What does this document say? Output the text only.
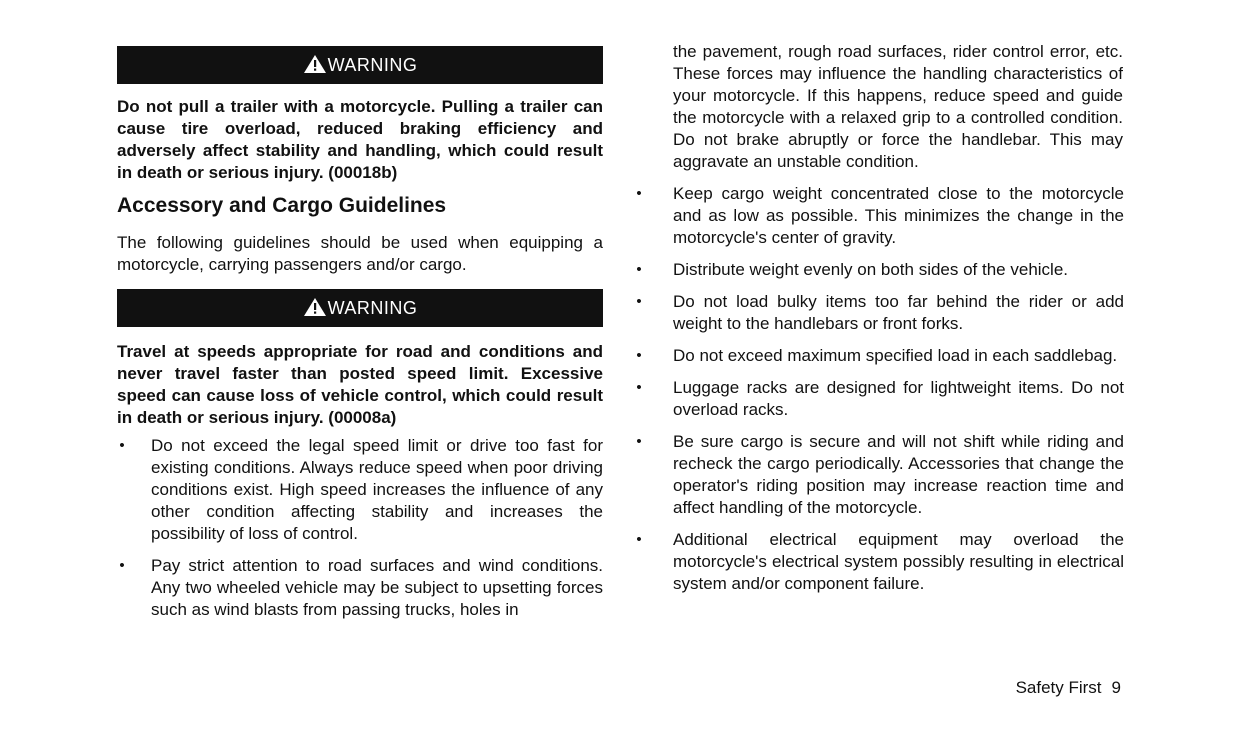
WARNING
Do not pull a trailer with a motorcycle. Pulling a trailer can cause tire overload, reduced braking efficiency and adversely affect stability and handling, which could result in death or serious injury. (00018b)
Accessory and Cargo Guidelines
The following guidelines should be used when equipping a motorcycle, carrying passengers and/or cargo.
WARNING
Travel at speeds appropriate for road and conditions and never travel faster than posted speed limit. Excessive speed can cause loss of vehicle control, which could result in death or serious injury. (00008a)
• Do not exceed the legal speed limit or drive too fast for existing conditions. Always reduce speed when poor driving conditions exist. High speed increases the influence of any other condition affecting stability and increases the possibility of loss of control.
• Pay strict attention to road surfaces and wind conditions. Any two wheeled vehicle may be subject to upsetting forces such as wind blasts from passing trucks, holes in
the pavement, rough road surfaces, rider control error, etc. These forces may influence the handling characteristics of your motorcycle. If this happens, reduce speed and guide the motorcycle with a relaxed grip to a controlled condition. Do not brake abruptly or force the handlebar. This may aggravate an unstable condition.
• Keep cargo weight concentrated close to the motorcycle and as low as possible. This minimizes the change in the motorcycle's center of gravity.
• Distribute weight evenly on both sides of the vehicle.
• Do not load bulky items too far behind the rider or add weight to the handlebars or front forks.
• Do not exceed maximum specified load in each saddlebag.
• Luggage racks are designed for lightweight items. Do not overload racks.
• Be sure cargo is secure and will not shift while riding and recheck the cargo periodically. Accessories that change the operator's riding position may increase reaction time and affect handling of the motorcycle.
• Additional electrical equipment may overload the motorcycle's electrical system possibly resulting in electrical system and/or component failure.
Safety First 9
